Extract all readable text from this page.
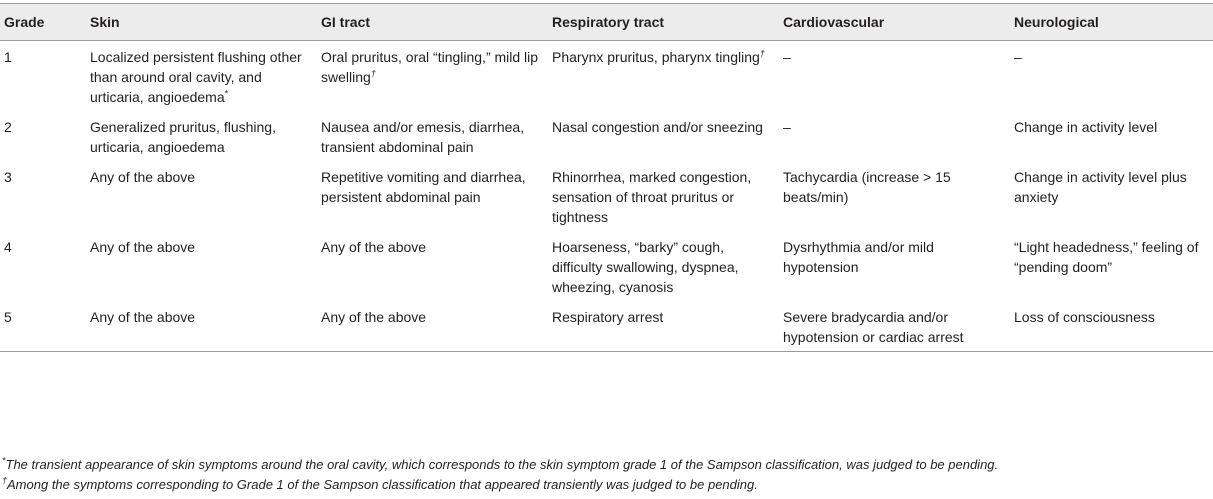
Grade	Skin	GI tract	Respiratory tract	Cardiovascular	Neurological
1	Localized persistent flushing other than around oral cavity, and urticaria, angioedema*	Oral pruritus, oral “tingling,” mild lip swelling†	Pharynx pruritus, pharynx tingling†	–	–
2	Generalized pruritus, flushing, urticaria, angioedema	Nausea and/or emesis, diarrhea, transient abdominal pain	Nasal congestion and/or sneezing	–	Change in activity level
3	Any of the above	Repetitive vomiting and diarrhea, persistent abdominal pain	Rhinorrhea, marked congestion, sensation of throat pruritus or tightness	Tachycardia (increase > 15 beats/min)	Change in activity level plus anxiety
4	Any of the above	Any of the above	Hoarseness, “barky” cough, difficulty swallowing, dyspnea, wheezing, cyanosis	Dysrhythmia and/or mild hypotension	“Light headedness,” feeling of “pending doom”
5	Any of the above	Any of the above	Respiratory arrest	Severe bradycardia and/or hypotension or cardiac arrest	Loss of consciousness

*The transient appearance of skin symptoms around the oral cavity, which corresponds to the skin symptom grade 1 of the Sampson classification, was judged to be pending.

†Among the symptoms corresponding to Grade 1 of the Sampson classification that appeared transiently was judged to be pending.
